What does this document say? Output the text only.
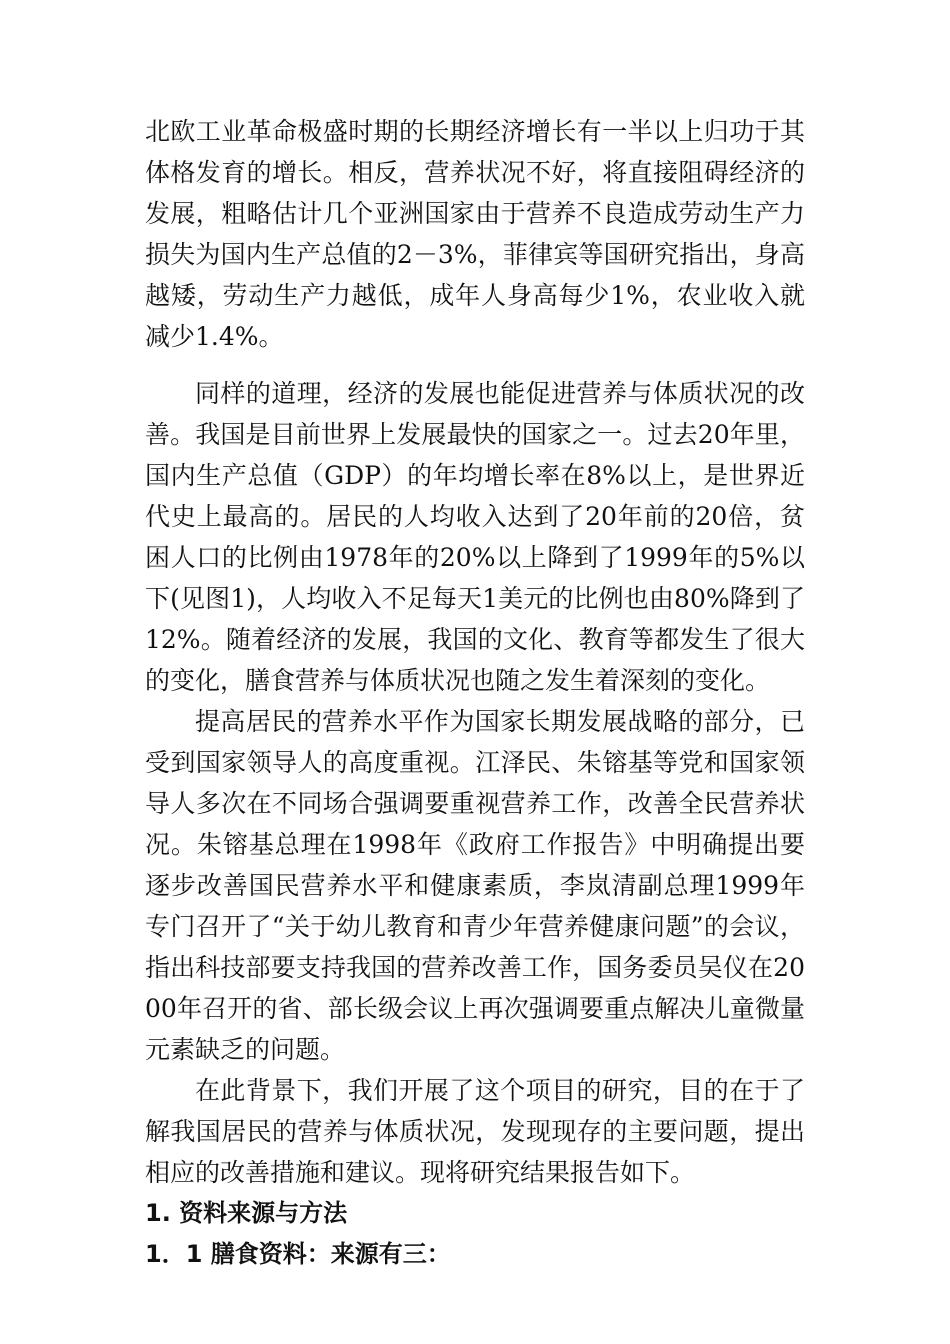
北欧工业革命极盛时期的长期经济增长有一半以上归功于其体格发育的增长。相反，营养状况不好，将直接阻碍经济的发展，粗略估计几个亚洲国家由于营养不良造成劳动生产力损失为国内生产总值的2－3%，菲律宾等国研究指出，身高越矮，劳动生产力越低，成年人身高每少1%，农业收入就减少1.4%。

同样的道理，经济的发展也能促进营养与体质状况的改善。我国是目前世界上发展最快的国家之一。过去20年里，国内生产总值（GDP）的年均增长率在8%以上，是世界近代史上最高的。居民的人均收入达到了20年前的20倍，贫困人口的比例由1978年的20%以上降到了1999年的5%以下(见图1)，人均收入不足每天1美元的比例也由80%降到了12%。随着经济的发展，我国的文化、教育等都发生了很大的变化，膳食营养与体质状况也随之发生着深刻的变化。

提高居民的营养水平作为国家长期发展战略的部分，已受到国家领导人的高度重视。江泽民、朱镕基等党和国家领导人多次在不同场合强调要重视营养工作，改善全民营养状况。朱镕基总理在1998年《政府工作报告》中明确提出要逐步改善国民营养水平和健康素质，李岚清副总理1999年专门召开了“关于幼儿教育和青少年营养健康问题”的会议，指出科技部要支持我国的营养改善工作，国务委员吴仪在2000年召开的省、部长级会议上再次强调要重点解决儿童微量元素缺乏的问题。

在此背景下，我们开展了这个项目的研究，目的在于了解我国居民的营养与体质状况，发现现存的主要问题，提出相应的改善措施和建议。现将研究结果报告如下。

1. 资料来源与方法

1．1 膳食资料：来源有三：
